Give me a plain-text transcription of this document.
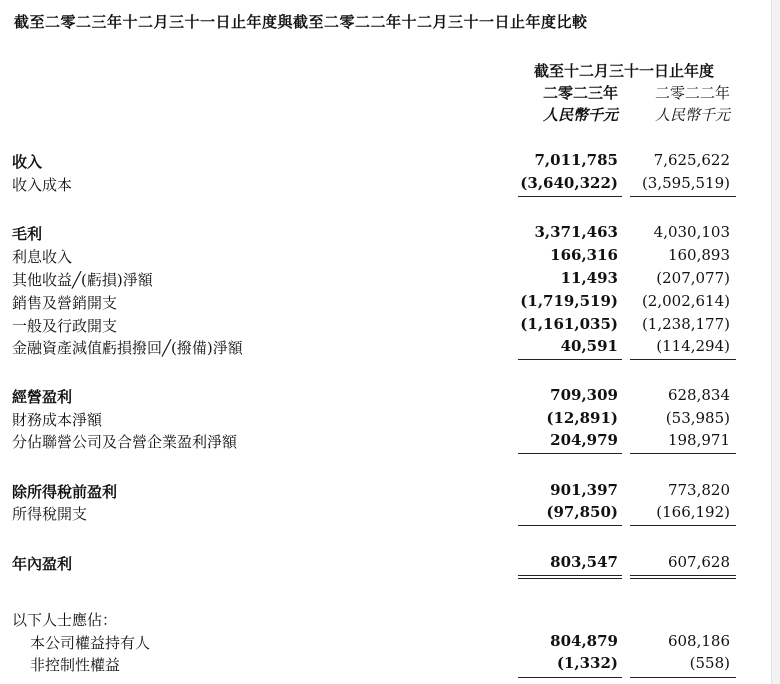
截至二零二三年十二月三十一日止年度與截至二零二二年十二月三十一日止年度比較
截至十二月三十一日止年度
二零二三年	二零二二年
人民幣千元	人民幣千元
收入	7,011,785	7,625,622
收入成本	(3,640,322)	(3,595,519)
毛利	3,371,463	4,030,103
利息收入	166,316	160,893
其他收益╱(虧損)淨額	11,493	(207,077)
銷售及營銷開支	(1,719,519)	(2,002,614)
一般及行政開支	(1,161,035)	(1,238,177)
金融資產減值虧損撥回╱(撥備)淨額	40,591	(114,294)
經營盈利	709,309	628,834
財務成本淨額	(12,891)	(53,985)
分佔聯營公司及合營企業盈利淨額	204,979	198,971
除所得稅前盈利	901,397	773,820
所得稅開支	(97,850)	(166,192)
年內盈利	803,547	607,628
以下人士應佔：
本公司權益持有人	804,879	608,186
非控制性權益	(1,332)	(558)
